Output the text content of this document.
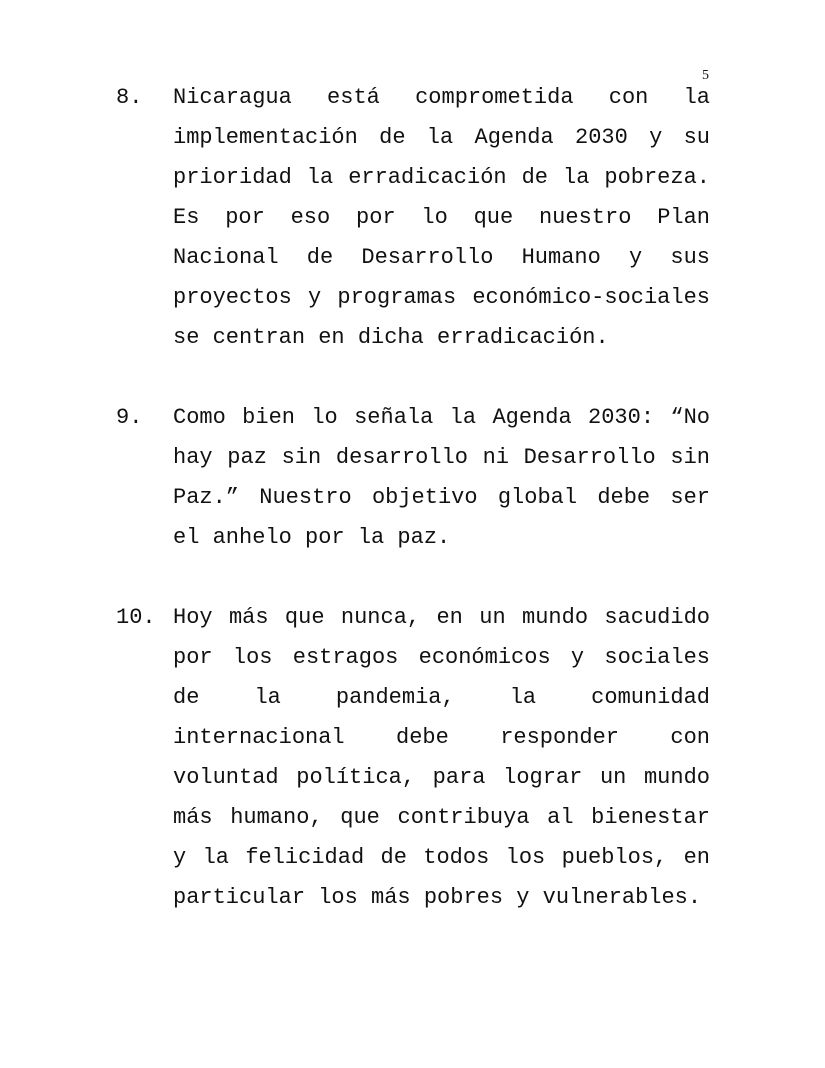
5
8. Nicaragua está comprometida con la implementación de la Agenda 2030 y su prioridad la erradicación de la pobreza. Es por eso por lo que nuestro Plan Nacional de Desarrollo Humano y sus proyectos y programas económico-sociales se centran en dicha erradicación.
9. Como bien lo señala la Agenda 2030: “No hay paz sin desarrollo ni Desarrollo sin Paz.” Nuestro objetivo global debe ser el anhelo por la paz.
10. Hoy más que nunca, en un mundo sacudido por los estragos económicos y sociales de la pandemia, la comunidad internacional debe responder con voluntad política, para lograr un mundo más humano, que contribuya al bienestar y la felicidad de todos los pueblos, en particular los más pobres y vulnerables.
